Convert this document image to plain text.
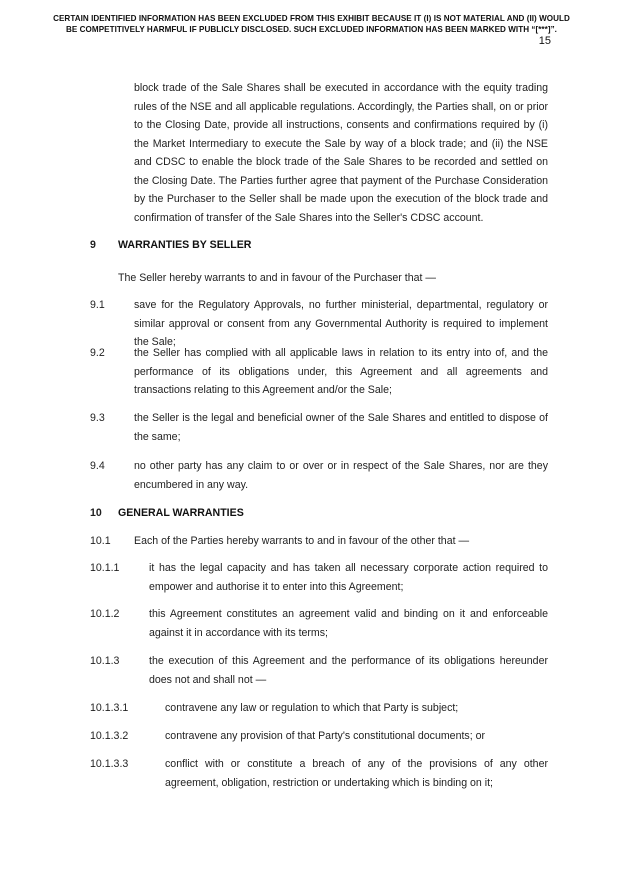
CERTAIN IDENTIFIED INFORMATION HAS BEEN EXCLUDED FROM THIS EXHIBIT BECAUSE IT (I) IS NOT MATERIAL AND (II) WOULD
BE COMPETITIVELY HARMFUL IF PUBLICLY DISCLOSED. SUCH EXCLUDED INFORMATION HAS BEEN MARKED WITH “[***]”.
15
block trade of the Sale Shares shall be executed in accordance with the equity trading rules of the NSE and all applicable regulations. Accordingly, the Parties shall, on or prior to the Closing Date, provide all instructions, consents and confirmations required by (i) the Market Intermediary to execute the Sale by way of a block trade; and (ii) the NSE and CDSC to enable the block trade of the Sale Shares to be recorded and settled on the Closing Date. The Parties further agree that payment of the Purchase Consideration by the Purchaser to the Seller shall be made upon the execution of the block trade and confirmation of transfer of the Sale Shares into the Seller's CDSC account.
9 WARRANTIES BY SELLER
The Seller hereby warrants to and in favour of the Purchaser that —
9.1	save for the Regulatory Approvals, no further ministerial, departmental, regulatory or similar approval or consent from any Governmental Authority is required to implement the Sale;
9.2	the Seller has complied with all applicable laws in relation to its entry into of, and the performance of its obligations under, this Agreement and all agreements and transactions relating to this Agreement and/or the Sale;
9.3	the Seller is the legal and beneficial owner of the Sale Shares and entitled to dispose of the same;
9.4	no other party has any claim to or over or in respect of the Sale Shares, nor are they encumbered in any way.
10 GENERAL WARRANTIES
10.1 Each of the Parties hereby warrants to and in favour of the other that —
10.1.1	it has the legal capacity and has taken all necessary corporate action required to empower and authorise it to enter into this Agreement;
10.1.2	this Agreement constitutes an agreement valid and binding on it and enforceable against it in accordance with its terms;
10.1.3	the execution of this Agreement and the performance of its obligations hereunder does not and shall not —
10.1.3.1	contravene any law or regulation to which that Party is subject;
10.1.3.2	contravene any provision of that Party's constitutional documents; or
10.1.3.3	conflict with or constitute a breach of any of the provisions of any other agreement, obligation, restriction or undertaking which is binding on it;
